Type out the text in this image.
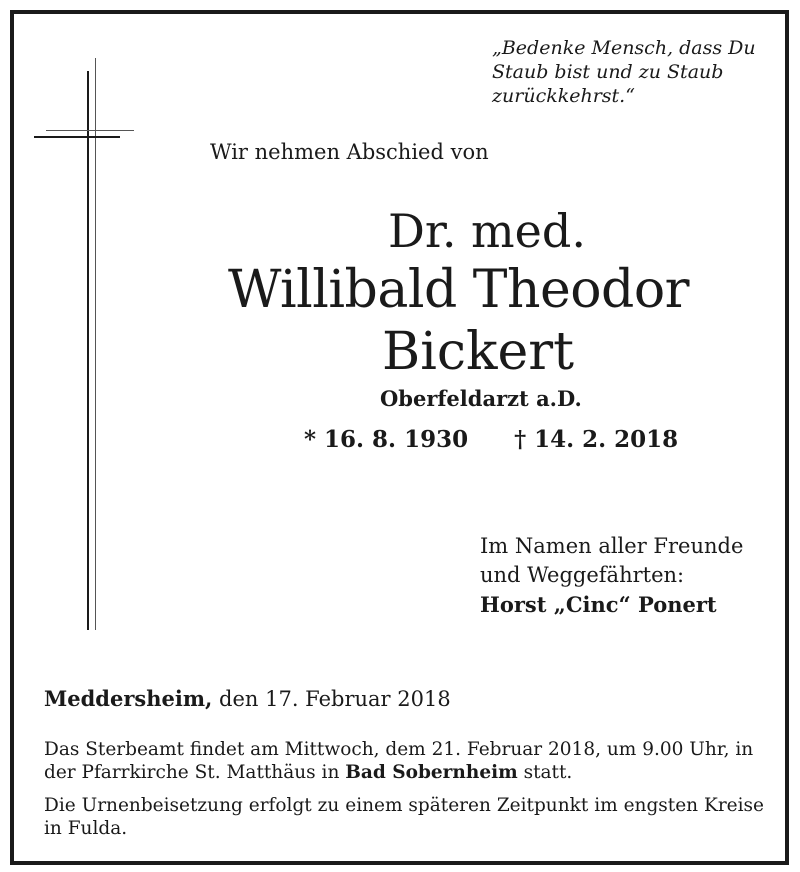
„Bedenke Mensch, dass Du
Staub bist und zu Staub
zurückkehrst.“
Wir nehmen Abschied von
Dr. med.
Willibald Theodor
Bickert
Oberfeldarzt a.D.
* 16. 8. 1930 † 14. 2. 2018
Im Namen aller Freunde
und Weggefährten:
Horst „Cinc“ Ponert
Meddersheim, den 17. Februar 2018
Das Sterbeamt findet am Mittwoch, dem 21. Februar 2018, um 9.00 Uhr, in der Pfarrkirche St. Matthäus in Bad Sobernheim statt.
Die Urnenbeisetzung erfolgt zu einem späteren Zeitpunkt im engsten Kreise in Fulda.
